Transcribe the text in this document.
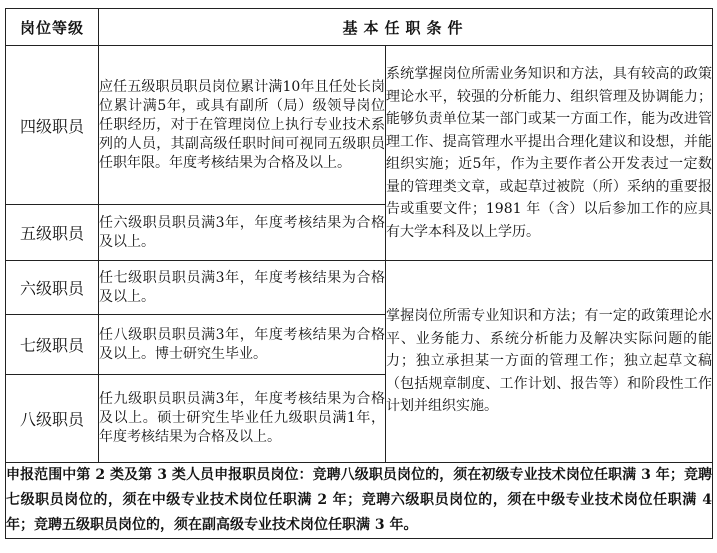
岗位等级	基本任职条件	
四级职员	应任五级职员职员岗位累计满10年且任处长岗位累计满5年，或具有副所（局）级领导岗位任职经历，对于在管理岗位上执行专业技术系列的人员，其副高级任职时间可视同五级职员任职年限。年度考核结果为合格及以上。	系统掌握岗位所需业务知识和方法，具有较高的政策理论水平，较强的分析能力、组织管理及协调能力；能够负责单位某一部门或某一方面工作，能为改进管理工作、提高管理水平提出合理化建议和设想，并能组织实施；近5年，作为主要作者公开发表过一定数量的管理类文章，或起草过被院（所）采纳的重要报告或重要文件；1981 年（含）以后参加工作的应具有大学本科及以上学历。
五级职员	任六级职员职员满3年，年度考核结果为合格及以上。	
六级职员	任七级职员职员满3年，年度考核结果为合格及以上。	掌握岗位所需专业知识和方法；有一定的政策理论水平、业务能力、系统分析能力及解决实际问题的能力；独立承担某一方面的管理工作；独立起草文稿（包括规章制度、工作计划、报告等）和阶段性工作计划并组织实施。
七级职员	任八级职员职员满3年，年度考核结果为合格及以上。博士研究生毕业。	
八级职员	任九级职员职员满3年，年度考核结果为合格及以上。硕士研究生毕业任九级职员满1年，年度考核结果为合格及以上。	
申报范围中第 2 类及第 3 类人员申报职员岗位：竞聘八级职员岗位的，须在初级专业技术岗位任职满 3 年；竞聘七级职员岗位的，须在中级专业技术岗位任职满 2 年；竞聘六级职员岗位的，须在中级专业技术岗位任职满 4 年；竞聘五级职员岗位的，须在副高级专业技术岗位任职满 3 年。		
